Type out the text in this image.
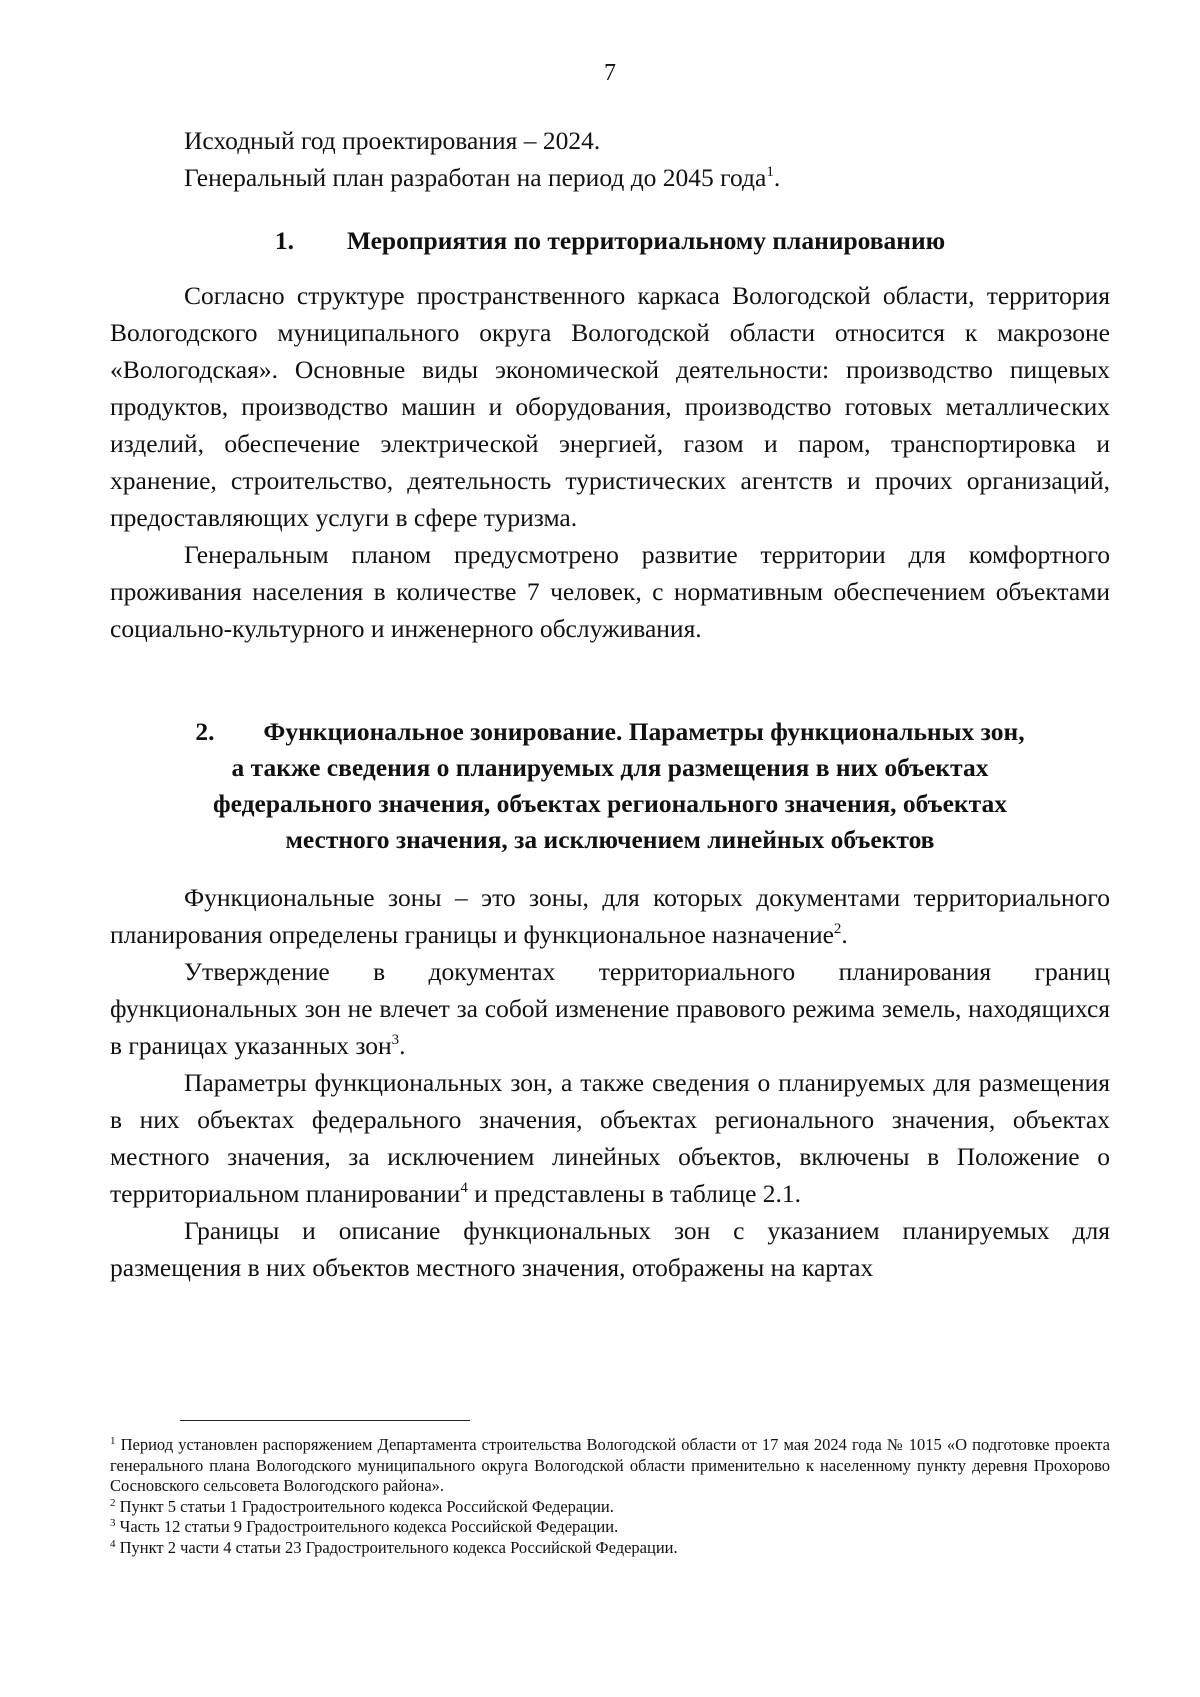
7

Исходный год проектирования – 2024.

Генеральный план разработан на период до 2045 года$^1$.

1. Мероприятия по территориальному планированию

Согласно структуре пространственного каркаса Вологодской области, территория Вологодского муниципального округа Вологодской области относится к макрозоне «Вологодская». Основные виды экономической деятельности: производство пищевых продуктов, производство машин и оборудования, производство готовых металлических изделий, обеспечение электрической энергией, газом и паром, транспортировка и хранение, строительство, деятельность туристических агентств и прочих организаций, предоставляющих услуги в сфере туризма.

Генеральным планом предусмотрено развитие территории для комфортного проживания населения в количестве 7 человек, с нормативным обеспечением объектами социально-культурного и инженерного обслуживания.

2. Функциональное зонирование. Параметры функциональных зон,

а также сведения о планируемых для размещения в них объектах

федерального значения, объектах регионального значения, объектах

местного значения, за исключением линейных объектов

Функциональные зоны – это зоны, для которых документами территориального планирования определены границы и функциональное назначение$^2$.

Утверждение в документах территориального планирования границ функциональных зон не влечет за собой изменение правового режима земель, находящихся в границах указанных зон$^3$.

Параметры функциональных зон, а также сведения о планируемых для размещения в них объектах федерального значения, объектах регионального значения, объектах местного значения, за исключением линейных объектов, включены в Положение о территориальном планировании$^4$ и представлены в таблице 2.1.

Границы и описание функциональных зон с указанием планируемых для размещения в них объектов местного значения, отображены на картах

$^1$ Период установлен распоряжением Департамента строительства Вологодской области от 17 мая 2024 года № 1015 «О подготовке проекта генерального плана Вологодского муниципального округа Вологодской области применительно к населенному пункту деревня Прохорово Сосновского сельсовета Вологодского района».

$^2$ Пункт 5 статьи 1 Градостроительного кодекса Российской Федерации.

$^3$ Часть 12 статьи 9 Градостроительного кодекса Российской Федерации.

$^4$ Пункт 2 части 4 статьи 23 Градостроительного кодекса Российской Федерации.
